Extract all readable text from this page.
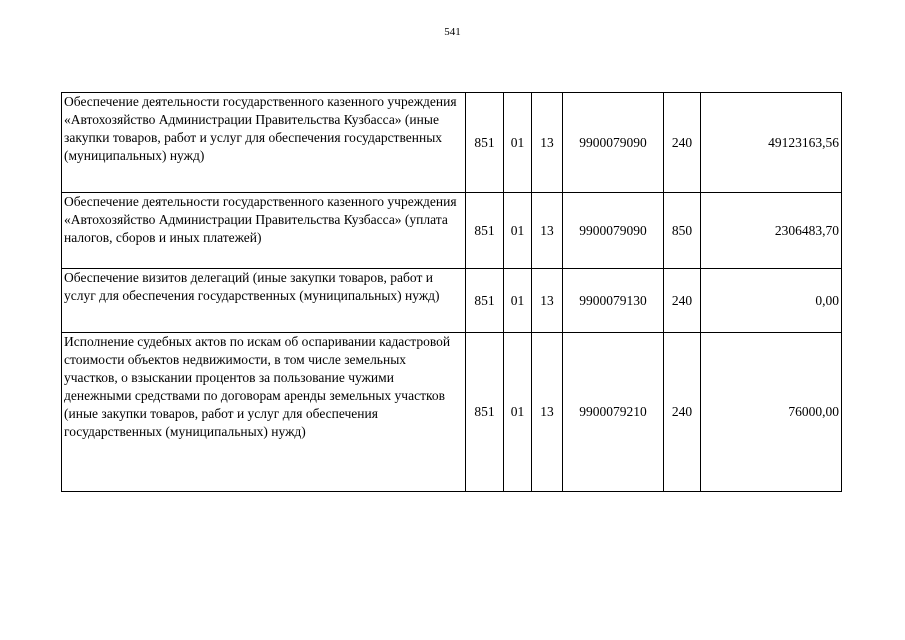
541
Обеспечение деятельности государственного казенного учреждения «Автохозяйство Администрации Правительства Кузбасса» (иные закупки товаров, работ и услуг для обеспечения государственных (муниципальных) нужд)	851	01	13	9900079090	240	49123163,56
Обеспечение деятельности государственного казенного учреждения «Автохозяйство Администрации Правительства Кузбасса» (уплата налогов, сборов и иных платежей)	851	01	13	9900079090	850	2306483,70
Обеспечение визитов делегаций (иные закупки товаров, работ и услуг для обеспечения государственных (муниципальных) нужд)	851	01	13	9900079130	240	0,00
Исполнение судебных актов по искам об оспаривании кадастровой стоимости объектов недвижимости, в том числе земельных участков, о взыскании процентов за пользование чужими денежными средствами по договорам аренды земельных участков (иные закупки товаров, работ и услуг для обеспечения государственных (муниципальных) нужд)	851	01	13	9900079210	240	76000,00
